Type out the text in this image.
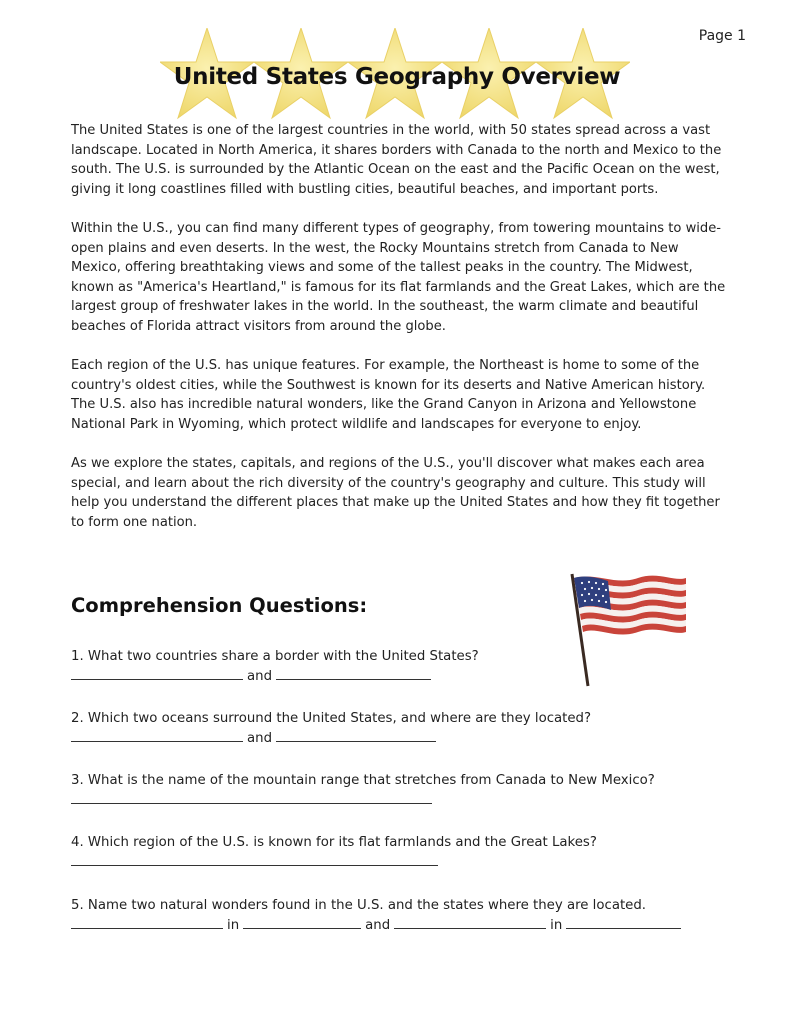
Page 1
United States Geography Overview

The United States is one of the largest countries in the world, with 50 states spread across a vast landscape. Located in North America, it shares borders with Canada to the north and Mexico to the south. The U.S. is surrounded by the Atlantic Ocean on the east and the Pacific Ocean on the west, giving it long coastlines filled with bustling cities, beautiful beaches, and important ports.

Within the U.S., you can find many different types of geography, from towering mountains to wide-open plains and even deserts. In the west, the Rocky Mountains stretch from Canada to New Mexico, offering breathtaking views and some of the tallest peaks in the country. The Midwest, known as "America's Heartland," is famous for its flat farmlands and the Great Lakes, which are the largest group of freshwater lakes in the world. In the southeast, the warm climate and beautiful beaches of Florida attract visitors from around the globe.

Each region of the U.S. has unique features. For example, the Northeast is home to some of the country's oldest cities, while the Southwest is known for its deserts and Native American history. The U.S. also has incredible natural wonders, like the Grand Canyon in Arizona and Yellowstone National Park in Wyoming, which protect wildlife and landscapes for everyone to enjoy.

As we explore the states, capitals, and regions of the U.S., you'll discover what makes each area special, and learn about the rich diversity of the country's geography and culture. This study will help you understand the different places that make up the United States and how they fit together to form one nation.

Comprehension Questions:
1. What two countries share a border with the United States?
and
2. Which two oceans surround the United States, and where are they located?
and
3. What is the name of the mountain range that stretches from Canada to New Mexico?
4. Which region of the U.S. is known for its flat farmlands and the Great Lakes?
5. Name two natural wonders found in the U.S. and the states where they are located.
in	and	in
